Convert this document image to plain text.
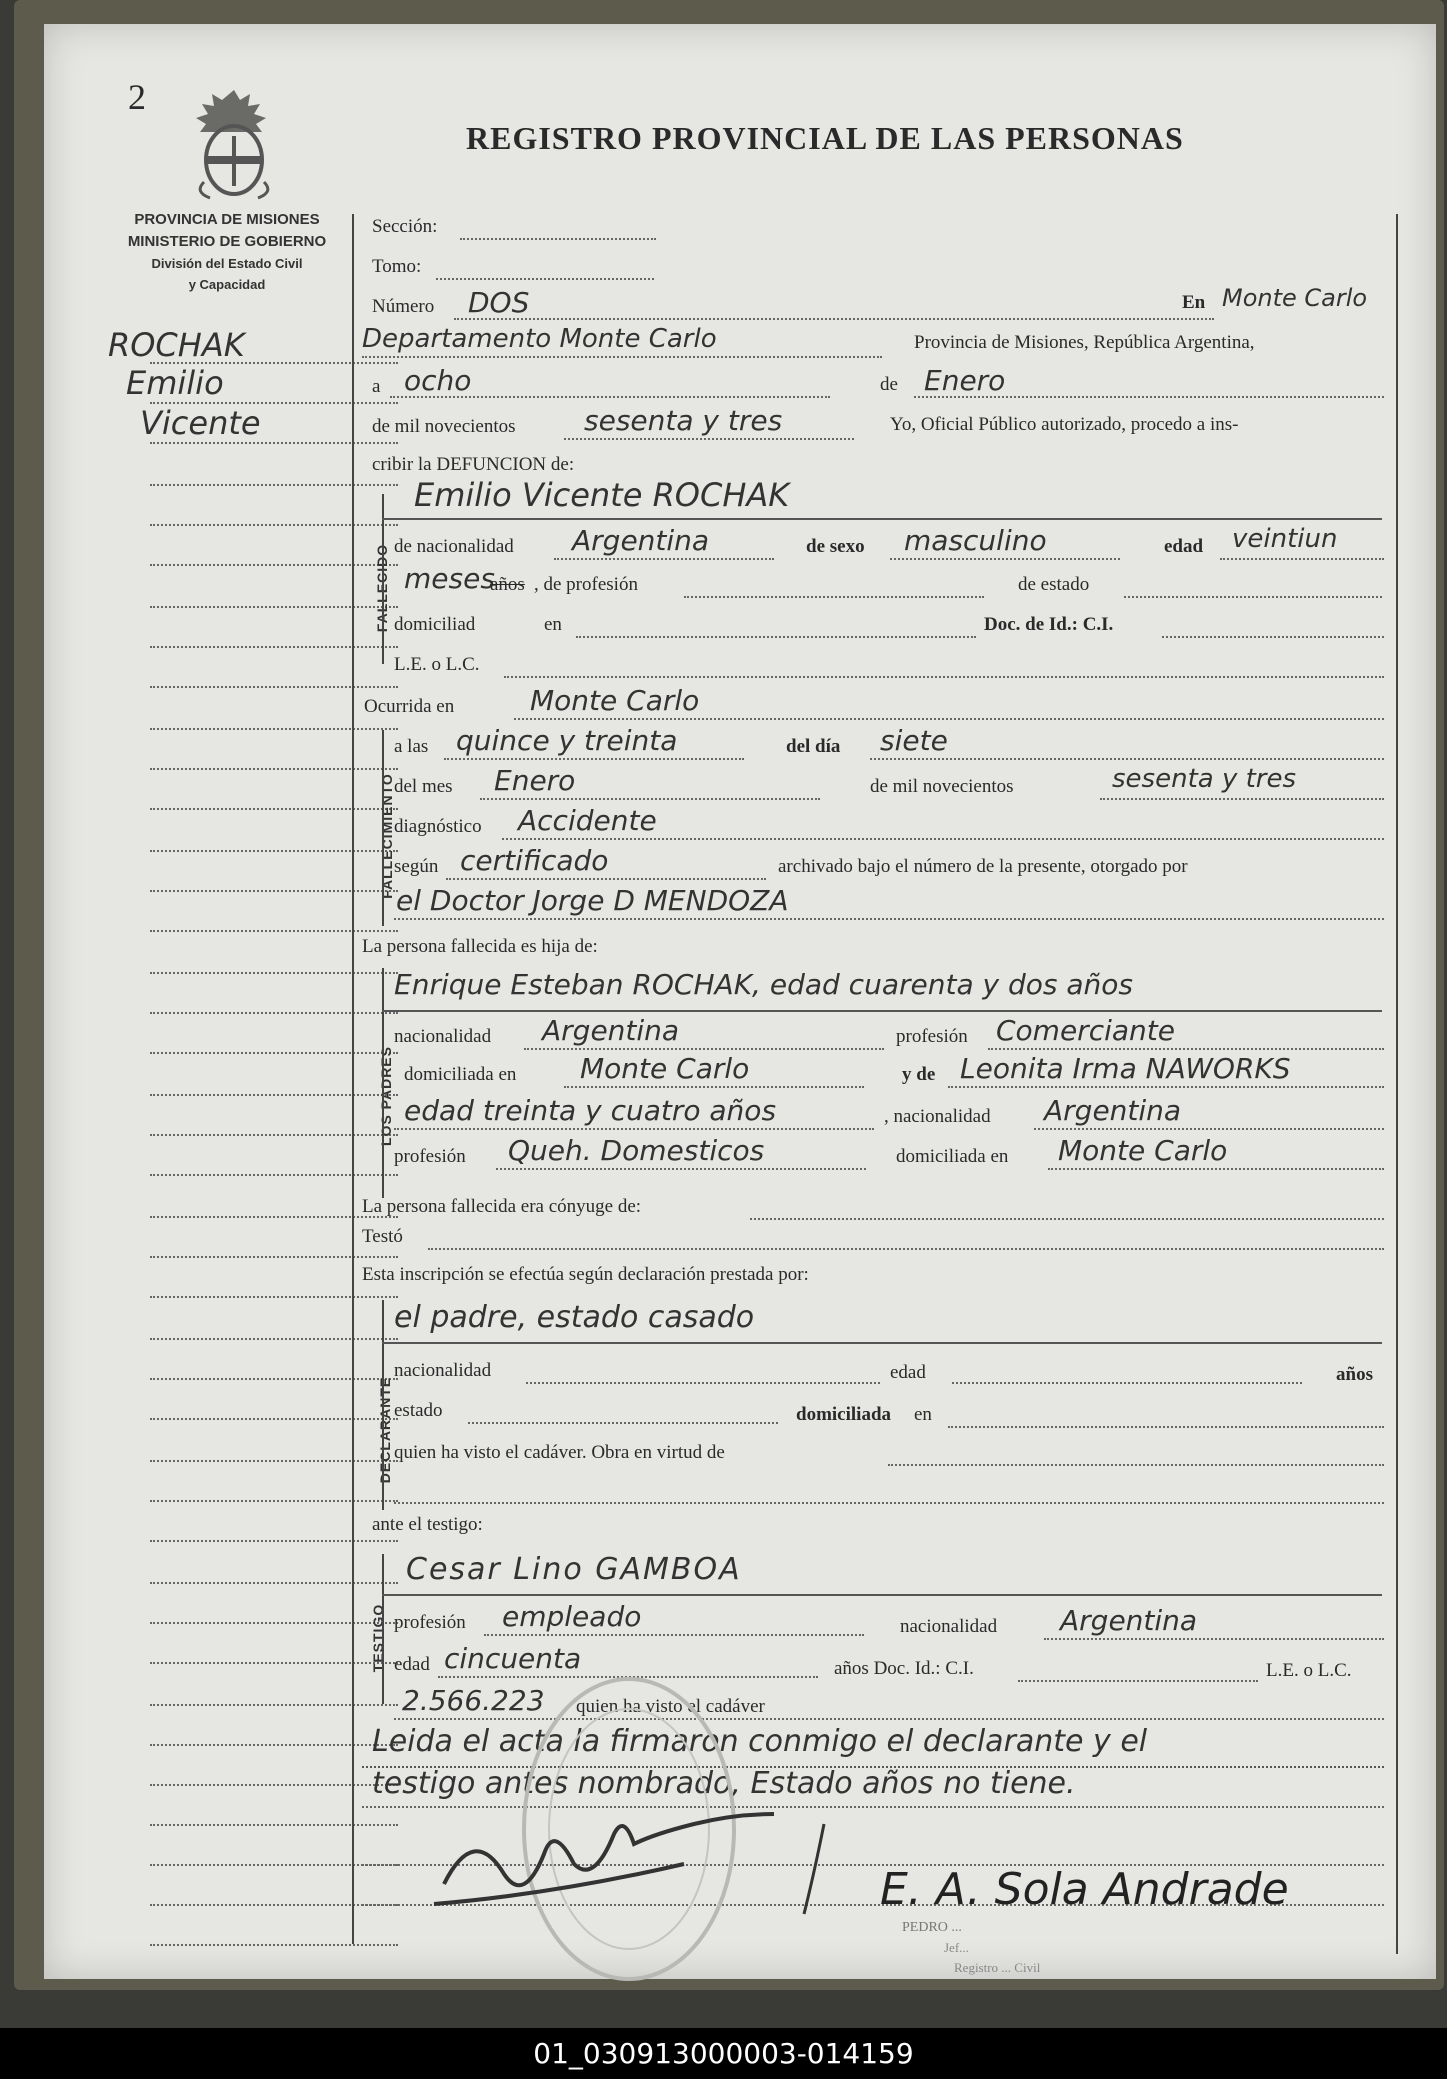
2
REGISTRO PROVINCIAL DE LAS PERSONAS
PROVINCIA DE MISIONES
MINISTERIO DE GOBIERNO
División del Estado Civil
y Capacidad
ROCHAK
Emilio
Vicente
Sección:
Tomo:
Número DOS	En Monte Carlo
Departamento Monte Carlo	Provincia de Misiones, República Argentina,
a ocho	de Enero
de mil novecientos sesenta y tres	Yo, Oficial Público autorizado, procedo a ins-
cribir la DEFUNCION de:
FALLECIDO
Emilio Vicente ROCHAK
de nacionalidad Argentina	de sexo masculino	edad veintiun
meses
años , de profesión	de estado
domiciliad	en	Doc. de Id.: C.I.
L.E. o L.C.
Ocurrida en	Monte Carlo
FALLECIMIENTO
a las quince y treinta	del día siete
del mes Enero	de mil novecientos	sesenta y tres
diagnóstico Accidente
según certificado	archivado bajo el número de la presente, otorgado por
el Doctor Jorge D MENDOZA
La persona fallecida es hija de:
LOS PADRES
Enrique Esteban ROCHAK, edad cuarenta y dos años
nacionalidad Argentina	profesión Comerciante
domiciliada en Monte Carlo	y de Leonita Irma NAWORKS
edad treinta y cuatro años	, nacionalidad Argentina
profesión Queh. Domesticos	domiciliada en Monte Carlo
La persona fallecida era cónyuge de:
Testó
Esta inscripción se efectúa según declaración prestada por:
DECLARANTE
el padre, estado casado
nacionalidad	edad	años
estado	domiciliada en
quien ha visto el cadáver. Obra en virtud de
ante el testigo:
TESTIGO
Cesar Lino GAMBOA
profesión empleado	nacionalidad Argentina
edad cincuenta	años Doc. Id.: C.I.	L.E. o L.C.
2.566.223 quien ha visto el cadáver
Leida el acta la firmaron conmigo el declarante y el
testigo antes nombrado, Estado años no tiene.
E. A. Sola Andrade
PEDRO ...
Jef...
Registro ... Civil
01_030913000003-014159
